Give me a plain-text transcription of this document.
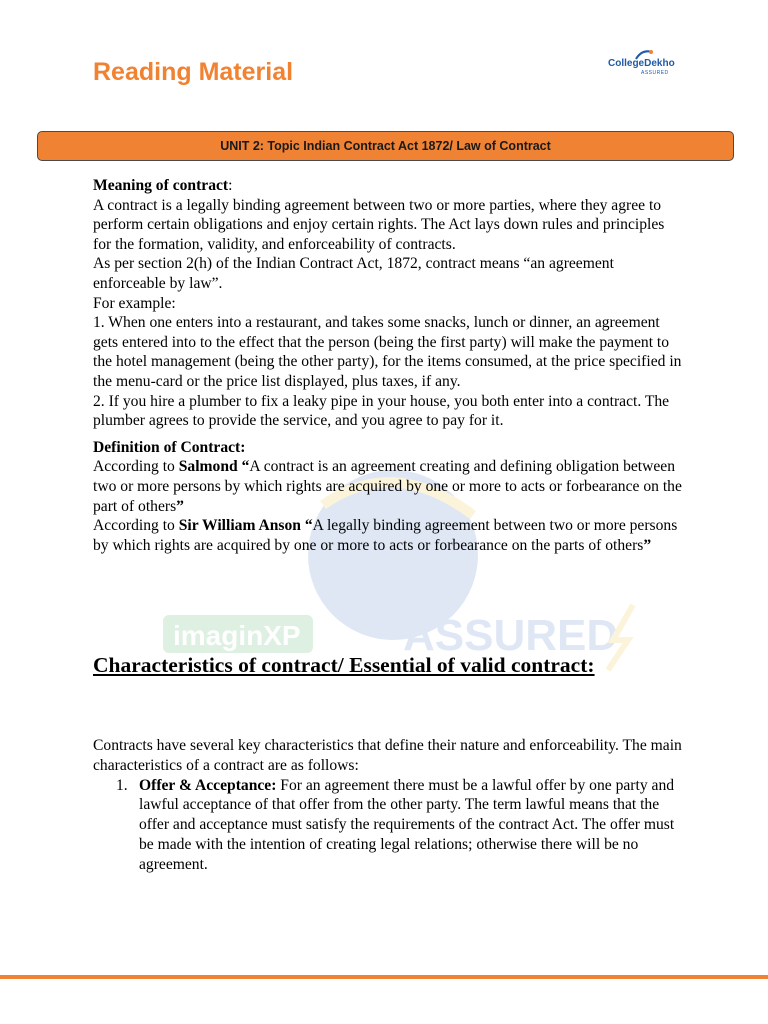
Reading Material	CollegeDekho
ASSURED
UNIT 2: Topic Indian Contract Act 1872/ Law of Contract
imaginXP ASSURED

Meaning of contract:

A contract is a legally binding agreement between two or more parties, where they agree to perform certain obligations and enjoy certain rights. The Act lays down rules and principles for the formation, validity, and enforceability of contracts.

As per section 2(h) of the Indian Contract Act, 1872, contract means “an agreement enforceable by law”.

For example:

1. When one enters into a restaurant, and takes some snacks, lunch or dinner, an agreement gets entered into to the effect that the person (being the first party) will make the payment to the hotel management (being the other party), for the items consumed, at the price specified in the menu-card or the price list displayed, plus taxes, if any.

2. If you hire a plumber to fix a leaky pipe in your house, you both enter into a contract. The plumber agrees to provide the service, and you agree to pay for it.

Definition of Contract:

According to Salmond “A contract is an agreement creating and defining obligation between two or more persons by which rights are acquired by one or more to acts or forbearance on the part of others”

According to Sir William Anson “A legally binding agreement between two or more persons by which rights are acquired by one or more to acts or forbearance on the parts of others”

Characteristics of contract/ Essential of valid contract:

Contracts have several key characteristics that define their nature and enforceability. The main characteristics of a contract are as follows:

1. Offer & Acceptance: For an agreement there must be a lawful offer by one party and lawful acceptance of that offer from the other party. The term lawful means that the offer and acceptance must satisfy the requirements of the contract Act. The offer must be made with the intention of creating legal relations; otherwise there will be no agreement.
